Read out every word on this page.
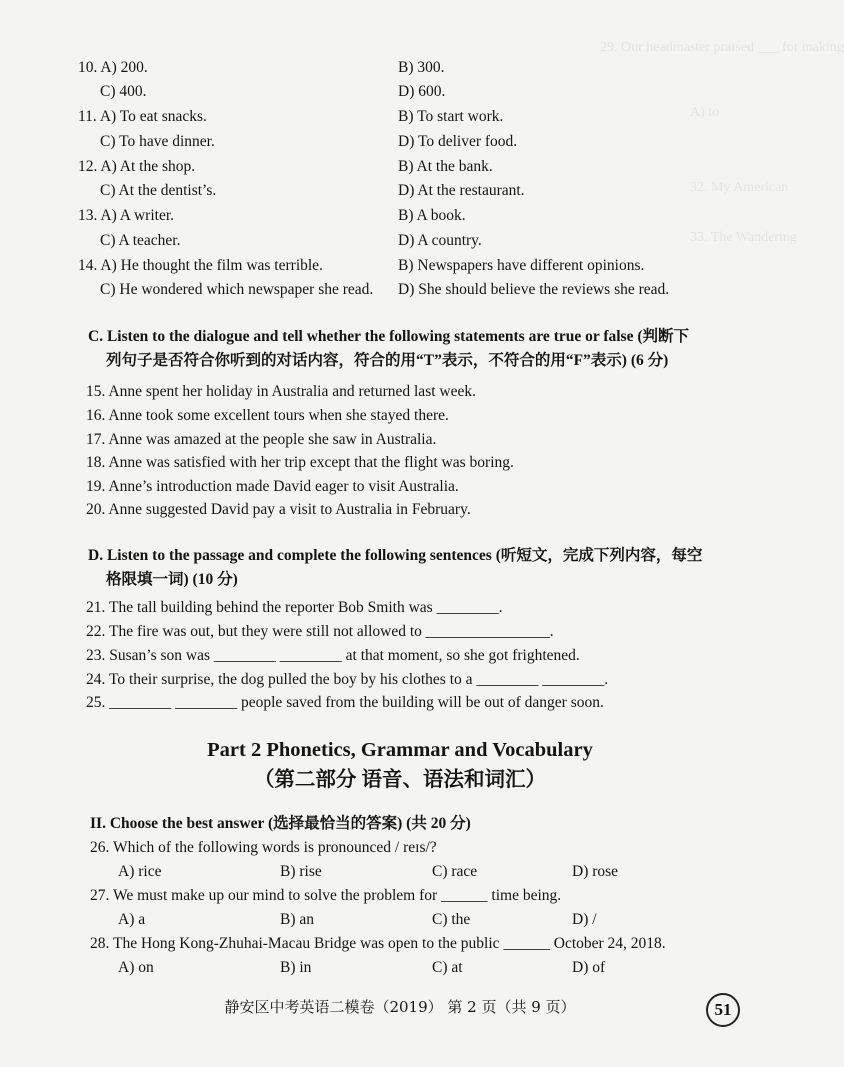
29. Our headmaster praised ___ for making
A) to
32. My American
33. The Wandering
10. A) 200.	B) 300.
C) 400.	D) 600.
11. A) To eat snacks.	B) To start work.
C) To have dinner.	D) To deliver food.
12. A) At the shop.	B) At the bank.
C) At the dentist’s.	D) At the restaurant.
13. A) A writer.	B) A book.
C) A teacher.	D) A country.
14. A) He thought the film was terrible.	B) Newspapers have different opinions.
C) He wondered which newspaper she read. D) She should believe the reviews she read.
C. Listen to the dialogue and tell whether the following statements are true or false (判断下
列句子是否符合你听到的对话内容，符合的用“T”表示，不符合的用“F”表示) (6 分)
15. Anne spent her holiday in Australia and returned last week.
16. Anne took some excellent tours when she stayed there.
17. Anne was amazed at the people she saw in Australia.
18. Anne was satisfied with her trip except that the flight was boring.
19. Anne’s introduction made David eager to visit Australia.
20. Anne suggested David pay a visit to Australia in February.
D. Listen to the passage and complete the following sentences (听短文，完成下列内容，每空
格限填一词) (10 分)
21. The tall building behind the reporter Bob Smith was ________.
22. The fire was out, but they were still not allowed to ________________.
23. Susan’s son was ________ ________ at that moment, so she got frightened.
24. To their surprise, the dog pulled the boy by his clothes to a ________ ________.
25. ________ ________ people saved from the building will be out of danger soon.
Part 2 Phonetics, Grammar and Vocabulary
（第二部分 语音、语法和词汇）
II. Choose the best answer (选择最恰当的答案) (共 20 分)
26. Which of the following words is pronounced / reɪs/?
A) rice	B) rise	C) race	D) rose
27. We must make up our mind to solve the problem for ______ time being.
A) a	B) an	C) the	D) /
28. The Hong Kong-Zhuhai-Macau Bridge was open to the public ______ October 24, 2018.
A) on	B) in	C) at	D) of
静安区中考英语二模卷（2019） 第 2 页（共 9 页）	51
